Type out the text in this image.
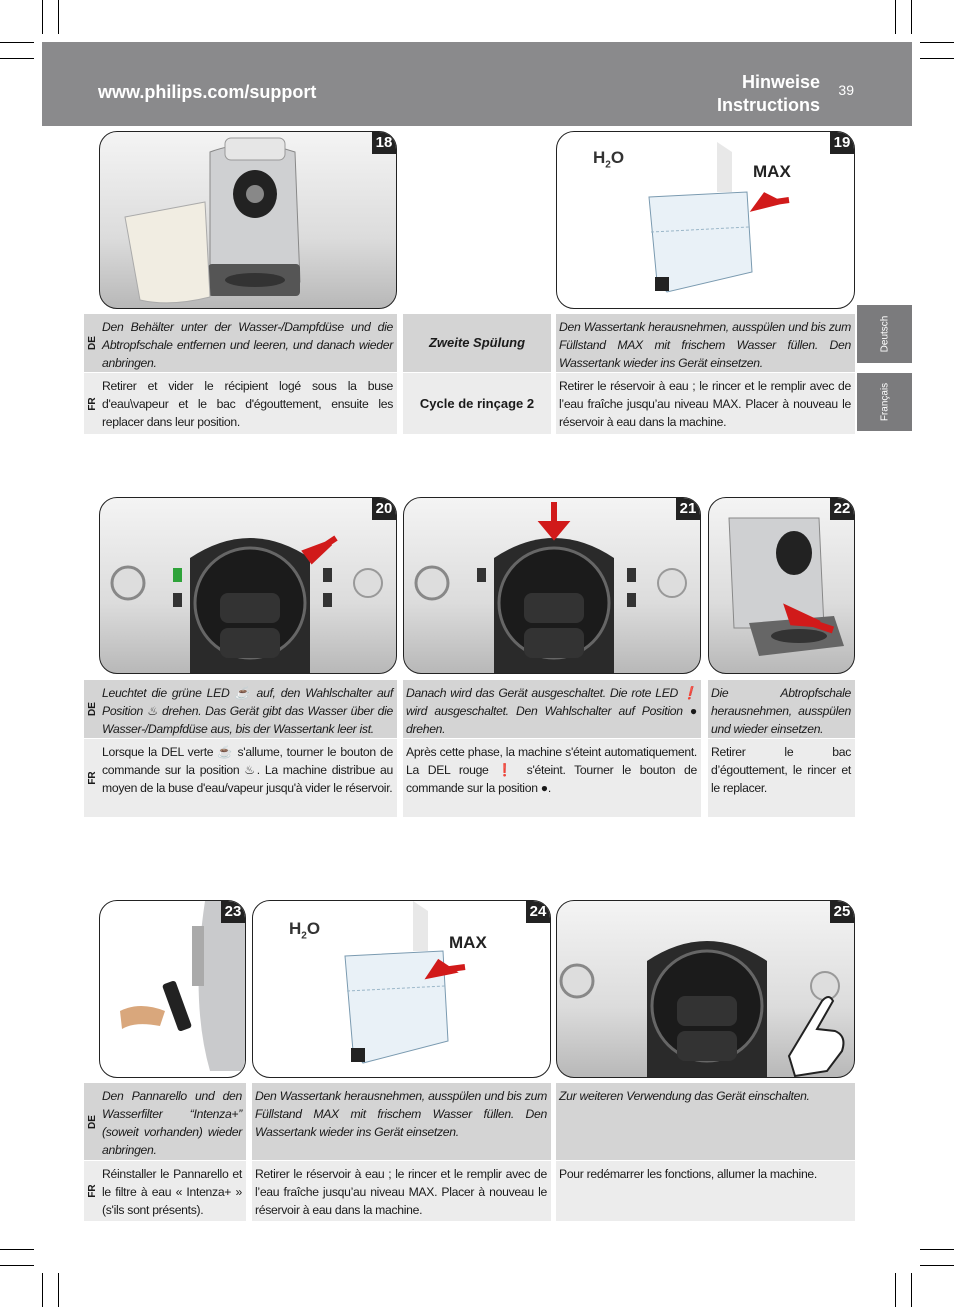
www.philips.com/support	Hinweise
Instructions
39
Deutsch
Français
18
$H_2O$
MAX
19
DE
Den Behälter unter der Wasser-/Dampfdüse und die Abtropfschale entfernen und leeren, und danach wieder anbringen.
FR
Retirer et vider le récipient logé sous la buse d'eau\vapeur et le bac d'égouttement, ensuite les replacer dans leur position.
Zweite Spülung
Cycle de rinçage 2
Den Wassertank herausnehmen, ausspülen und bis zum Füllstand MAX mit frischem Wasser füllen. Den Wassertank wieder ins Gerät einsetzen.
Retirer le réservoir à eau ; le rincer et le remplir avec de l’eau fraîche jusqu’au niveau MAX. Placer à nouveau le réservoir à eau dans la machine.
20	21	22
DE
Leuchtet die grüne LED ☕ auf, den Wahlschalter auf Position ♨ drehen. Das Gerät gibt das Wasser über die Wasser-/Dampfdüse aus, bis der Wassertank leer ist.
FR
Lorsque la DEL verte ☕ s'allume, tourner le bouton de commande sur la position ♨. La machine distribue au moyen de la buse d'eau/vapeur jusqu'à vider le réservoir.
Danach wird das Gerät ausgeschaltet. Die rote LED ❗ wird ausgeschaltet. Den Wahlschalter auf Position ● drehen.
Après cette phase, la machine s'éteint automatiquement. La DEL rouge ❗ s'éteint. Tourner le bouton de commande sur la position ●.
Die Abtropfschale herausnehmen, ausspülen und wieder einsetzen.
Retirer le bac d’égouttement, le rincer et le replacer.
23
$H_2O$
MAX
24	25
DE
Den Pannarello und den Wasserfilter “Intenza+” (soweit vorhanden) wieder anbringen.
FR
Réinstaller le Pannarello et le filtre à eau « Intenza+ » (s'ils sont présents).
Den Wassertank herausnehmen, ausspülen und bis zum Füllstand MAX mit frischem Wasser füllen. Den Wassertank wieder ins Gerät einsetzen.
Retirer le réservoir à eau ; le rincer et le remplir avec de l’eau fraîche jusqu’au niveau MAX. Placer à nouveau le réservoir à eau dans la machine.
Zur weiteren Verwendung das Gerät einschalten.
Pour redémarrer les fonctions, allumer la machine.
